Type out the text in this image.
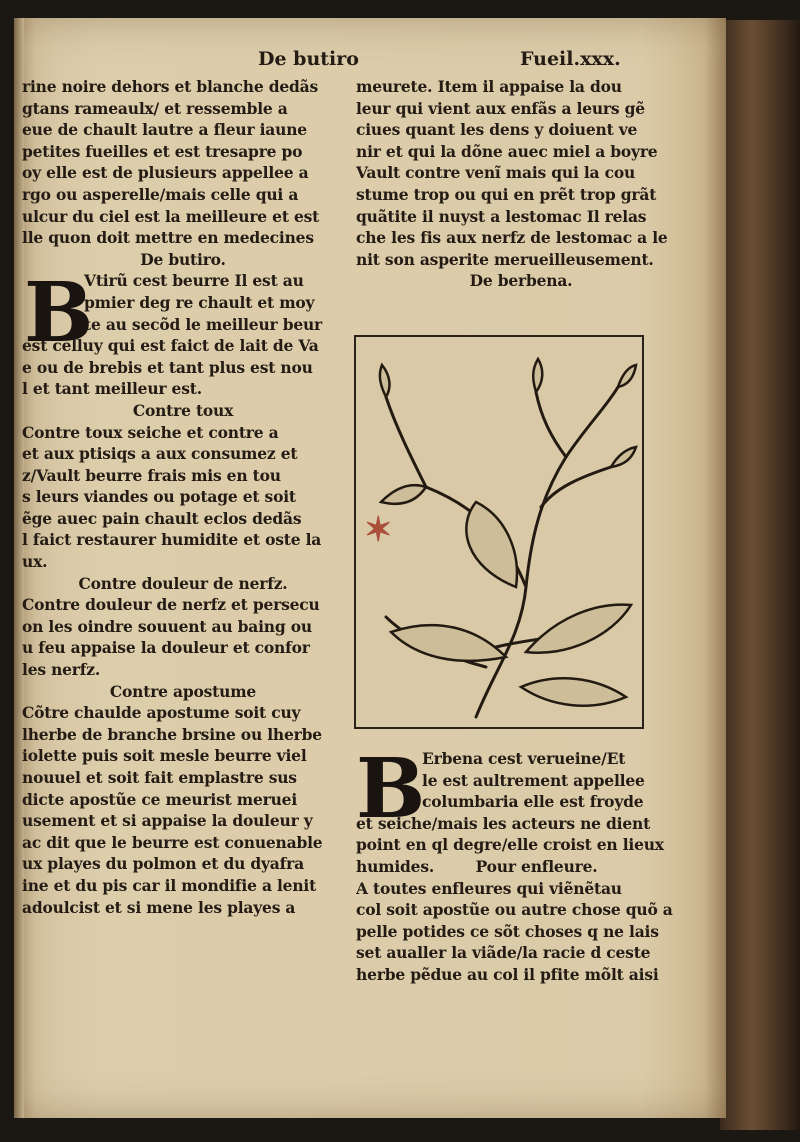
De butiro	Fueil.xxx.
rine noire dehors et blanche dedãs
gtans rameaulx/ et ressemble a
eue de chault lautre a fleur iaune
petites fueilles et est tresapre po
oy elle est de plusieurs appellee a
rgo ou asperelle/mais celle qui a
ulcur du ciel est la meilleure et est
lle quon doit mettre en medecines
De butiro.
Vtirũ cest beurre Il est au
pmier deg re chault et moy
te au secõd le meilleur beur
est celluy qui est faict de lait de Va
e ou de brebis et tant plus est nou
l et tant meilleur est.
Contre toux
Contre toux seiche et contre a
et aux ptisiqs a aux consumez et
z/Vault beurre frais mis en tou
s leurs viandes ou potage et soit
ẽge auec pain chault eclos dedãs
l faict restaurer humidite et oste la
ux.
Contre douleur de nerfz.
Contre douleur de nerfz et persecu
on les oindre souuent au baing ou
u feu appaise la douleur et confor
les nerfz.
Contre apostume
Cõtre chaulde apostume soit cuy
lherbe de branche brsine ou lherbe
iolette puis soit mesle beurre viel
nouuel et soit fait emplastre sus
dicte apostũe ce meurist meruei
usement et si appaise la douleur y
ac dit que le beurre est conuenable
ux playes du polmon et du dyafra
ine et du pis car il mondifie a lenit
adoulcist et si mene les playes a
B
meurete. Item il appaise la dou
leur qui vient aux enfãs a leurs gẽ
ciues quant les dens y doiuent ve
nir et qui la dõne auec miel a boyre
Vault contre venĩ mais qui la cou
stume trop ou qui en prẽt trop grãt
quãtite il nuyst a lestomac Il relas
che les fis aux nerfz de lestomac a le
nit son asperite merueilleusement.
De berbena.
✶
B
Erbena cest verueine/Et
le est aultrement appellee
columbaria elle est froyde
et seiche/mais les acteurs ne dient
point en ql degre/elle croist en lieux
humides.        Pour enfleure.
A toutes enfleures qui viẽnẽtau
col soit apostũe ou autre chose quõ a
pelle potides ce sõt choses q ne lais
set aualler la viãde/la racie d ceste
herbe pẽdue au col il pfite mõlt aisi
